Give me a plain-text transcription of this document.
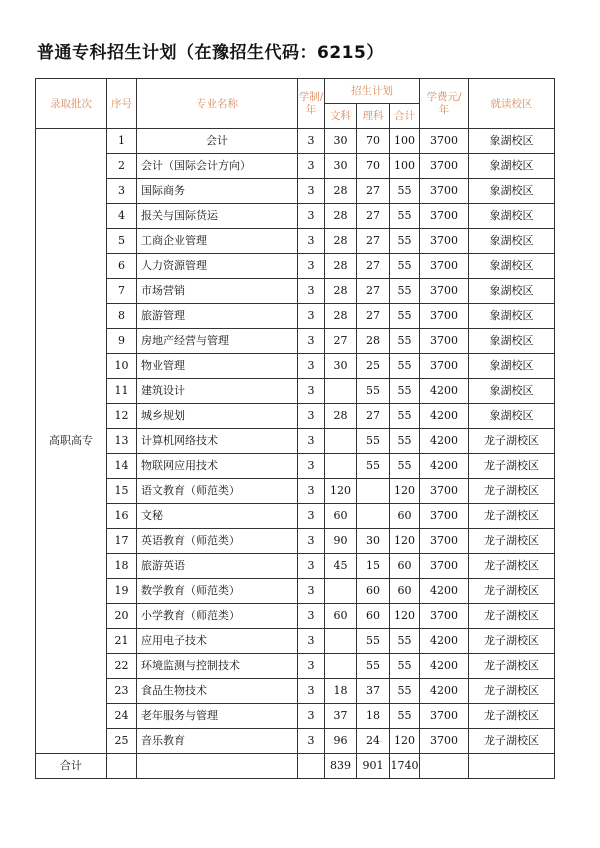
普通专科招生计划（在豫招生代码：6215）
录取批次	序号	专业名称	学制/年	招生计划			学费元/年	就读校区
				文科	理科	合计		
高职高专	1	会计	3	30	70	100	3700	象湖校区
	2	会计（国际会计方向）	3	30	70	100	3700	象湖校区
	3	国际商务	3	28	27	55	3700	象湖校区
	4	报关与国际货运	3	28	27	55	3700	象湖校区
	5	工商企业管理	3	28	27	55	3700	象湖校区
	6	人力资源管理	3	28	27	55	3700	象湖校区
	7	市场营销	3	28	27	55	3700	象湖校区
	8	旅游管理	3	28	27	55	3700	象湖校区
	9	房地产经营与管理	3	27	28	55	3700	象湖校区
	10	物业管理	3	30	25	55	3700	象湖校区
	11	建筑设计	3		55	55	4200	象湖校区
	12	城乡规划	3	28	27	55	4200	象湖校区
	13	计算机网络技术	3		55	55	4200	龙子湖校区
	14	物联网应用技术	3		55	55	4200	龙子湖校区
	15	语文教育（师范类）	3	120		120	3700	龙子湖校区
	16	文秘	3	60		60	3700	龙子湖校区
	17	英语教育（师范类）	3	90	30	120	3700	龙子湖校区
	18	旅游英语	3	45	15	60	3700	龙子湖校区
	19	数学教育（师范类）	3		60	60	4200	龙子湖校区
	20	小学教育（师范类）	3	60	60	120	3700	龙子湖校区
	21	应用电子技术	3		55	55	4200	龙子湖校区
	22	环境监测与控制技术	3		55	55	4200	龙子湖校区
	23	食品生物技术	3	18	37	55	4200	龙子湖校区
	24	老年服务与管理	3	37	18	55	3700	龙子湖校区
	25	音乐教育	3	96	24	120	3700	龙子湖校区
合计				839	901	1740		
